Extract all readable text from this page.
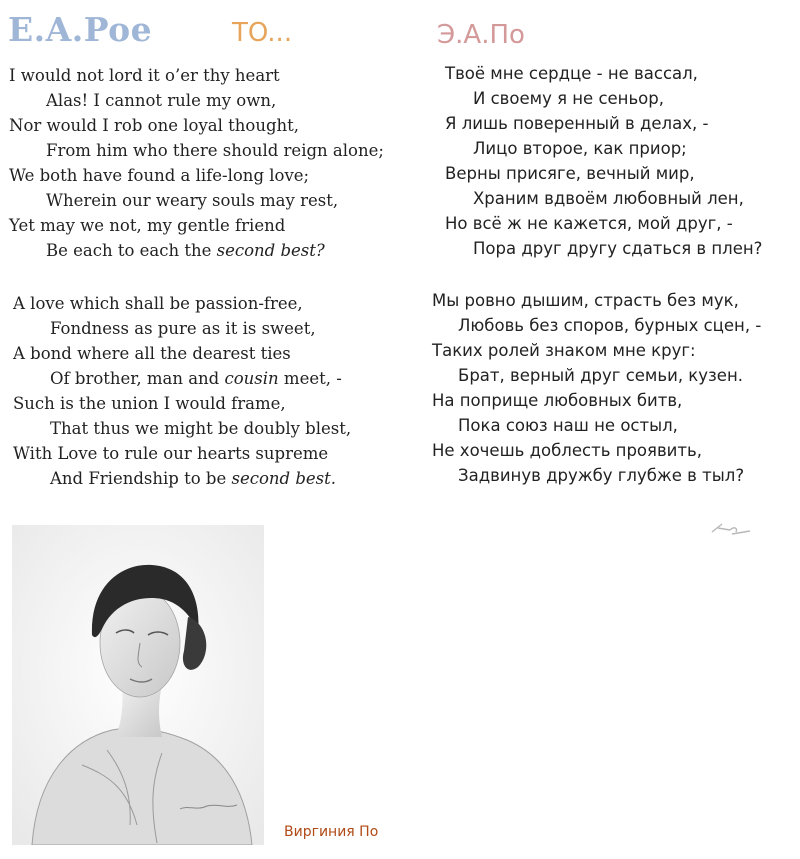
E.A.Poe	TO...	Э.А.По
I would not lord it o’er thy heart
Alas! I cannot rule my own,
Nor would I rob one loyal thought,
From him who there should reign alone;
We both have found a life-long love;
Wherein our weary souls may rest,
Yet may we not, my gentle friend
Be each to each the second best?
A love which shall be passion-free,
Fondness as pure as it is sweet,
A bond where all the dearest ties
Of brother, man and cousin meet, -
Such is the union I would frame,
That thus we might be doubly blest,
With Love to rule our hearts supreme
And Friendship to be second best.
Твоё мне сердце - не вассал,
И своему я не сеньор,
Я лишь поверенный в делах, -
Лицо второе, как приор;
Верны присяге, вечный мир,
Храним вдвоём любовный лен,
Но всё ж не кажется, мой друг, -
Пора друг другу сдаться в плен?
Мы ровно дышим, страсть без мук,
Любовь без споров, бурных сцен, -
Таких ролей знаком мне круг:
Брат, верный друг семьи, кузен.
На поприще любовных битв,
Пока союз наш не остыл,
Не хочешь доблесть проявить,
Задвинув дружбу глубже в тыл?
Виргиния По
